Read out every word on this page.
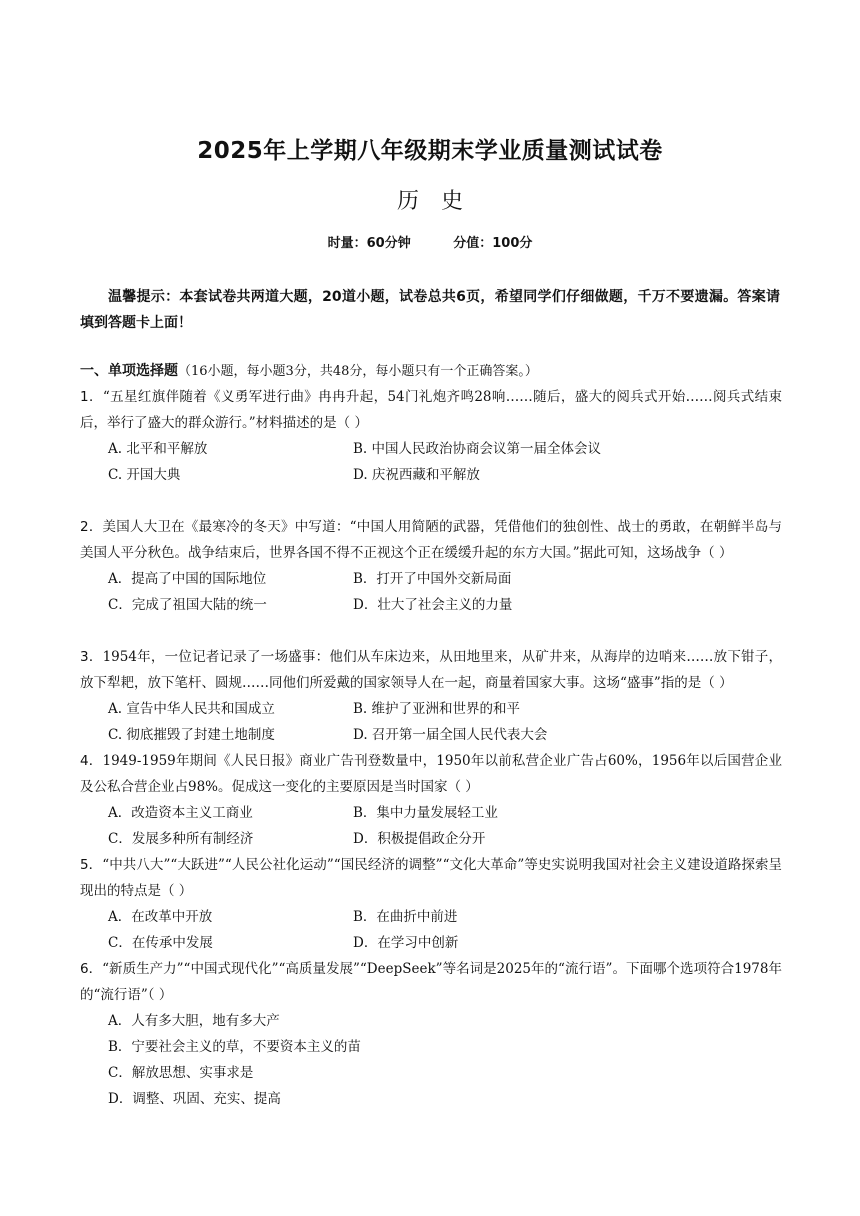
2025年上学期八年级期末学业质量测试试卷
历史
时量：60分钟	分值：100分
温馨提示：本套试卷共两道大题，20道小题，试卷总共6页，希望同学们仔细做题，千万不要遗漏。答案请填到答题卡上面！
一、单项选择题（16小题，每小题3分，共48分，每小题只有一个正确答案。）

1．“五星红旗伴随着《义勇军进行曲》冉冉升起，54门礼炮齐鸣28响……随后，盛大的阅兵式开始……阅兵式结束后，举行了盛大的群众游行。”材料描述的是（ ）

A. 北平和平解放	B. 中国人民政治协商会议第一届全体会议
C. 开国大典	D. 庆祝西藏和平解放

2．美国人大卫在《最寒冷的冬天》中写道：“中国人用简陋的武器，凭借他们的独创性、战士的勇敢，在朝鲜半岛与美国人平分秋色。战争结束后，世界各国不得不正视这个正在缓缓升起的东方大国。”据此可知，这场战争（ ）

A．提高了中国的国际地位	B．打开了中国外交新局面
C．完成了祖国大陆的统一	D．壮大了社会主义的力量

3．1954年，一位记者记录了一场盛事：他们从车床边来，从田地里来，从矿井来，从海岸的边哨来……放下钳子，放下犁耙，放下笔杆、圆规……同他们所爱戴的国家领导人在一起，商量着国家大事。这场“盛事”指的是（ ）

A. 宣告中华人民共和国成立	B. 维护了亚洲和世界的和平
C. 彻底摧毁了封建土地制度	D. 召开第一届全国人民代表大会

4．1949-1959年期间《人民日报》商业广告刊登数量中，1950年以前私营企业广告占60%，1956年以后国营企业及公私合营企业占98%。促成这一变化的主要原因是当时国家（ ）

A．改造资本主义工商业	B．集中力量发展轻工业
C．发展多种所有制经济	D．积极提倡政企分开

5．“中共八大”“大跃进”“人民公社化运动”“国民经济的调整”“文化大革命”等史实说明我国对社会主义建设道路探索呈现出的特点是（ ）

A．在改革中开放	B．在曲折中前进
C．在传承中发展	D．在学习中创新

6．“新质生产力”“中国式现代化”“高质量发展”“DeepSeek”等名词是2025年的“流行语”。下面哪个选项符合1978年的“流行语”（ ）

A．人有多大胆，地有多大产
B．宁要社会主义的草，不要资本主义的苗
C．解放思想、实事求是
D．调整、巩固、充实、提高
